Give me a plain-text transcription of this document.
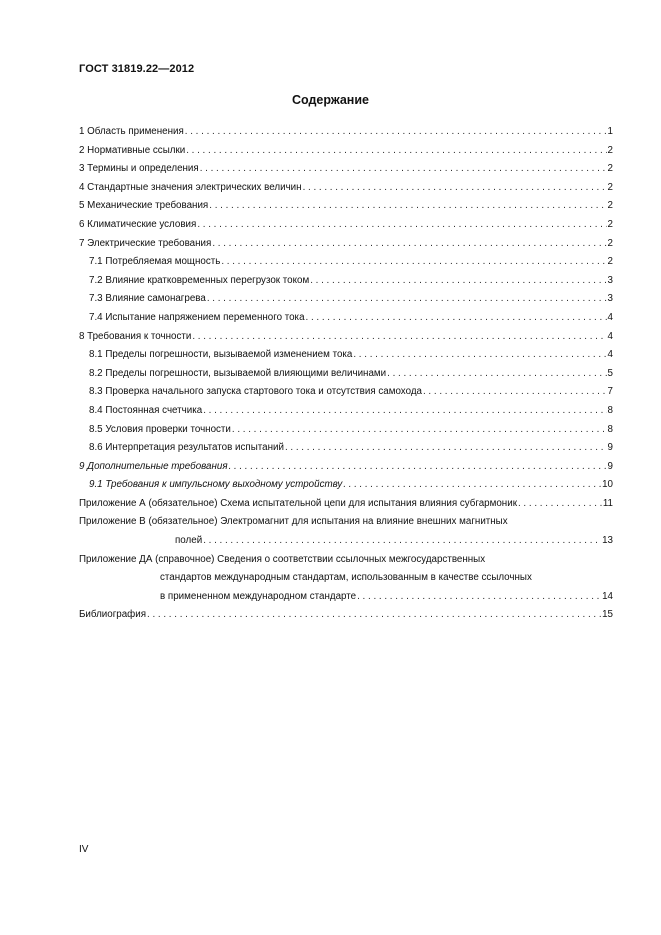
ГОСТ 31819.22—2012
Содержание
1 Область применения . . .	1
2 Нормативные ссылки . . .	2
3 Термины и определения . . .	2
4 Стандартные значения электрических величин . . .	2
5 Механические требования . . .	2
6 Климатические условия . . .	2
7 Электрические требования . . .	2
7.1 Потребляемая мощность . . .	2
7.2 Влияние кратковременных перегрузок током . . .	3
7.3 Влияние самонагрева . . .	3
7.4 Испытание напряжением переменного тока . . .	4
8 Требования к точности . . .	4
8.1 Пределы погрешности, вызываемой изменением тока . . .	4
8.2 Пределы погрешности, вызываемой влияющими величинами . . .	5
8.3 Проверка начального запуска стартового тока и отсутствия самохода . . .	7
8.4 Постоянная счетчика . . .	8
8.5 Условия проверки точности . . .	8
8.6 Интерпретация результатов испытаний . . .	9
9 Дополнительные требования . . .	9
9.1 Требования к импульсному выходному устройству . . .	10
Приложение А (обязательное) Схема испытательной цепи для испытания влияния субгармоник . . .	11
Приложение В (обязательное) Электромагнит для испытания на влияние внешних магнитных
полей . . .	13
Приложение ДА (справочное) Сведения о соответствии ссылочных межгосударственных
стандартов международным стандартам, использованным в качестве ссылочных
в примененном международном стандарте . . .	14
Библиография . . .	15
IV
